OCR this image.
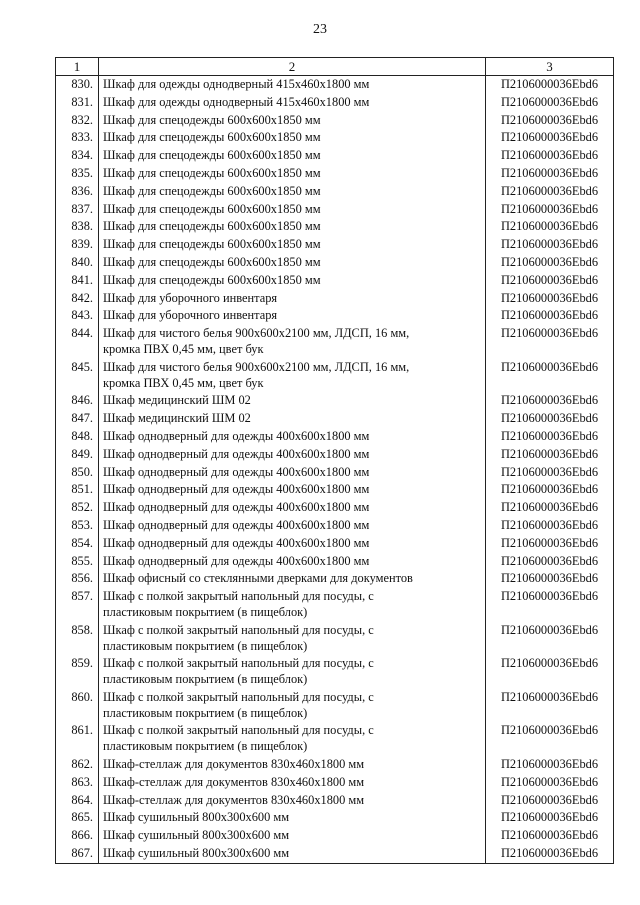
23
1	2	3
830.	Шкаф для одежды однодверный 415x460x1800 мм	П2106000036Ebd6
831.	Шкаф для одежды однодверный 415x460x1800 мм	П2106000036Ebd6
832.	Шкаф для спецодежды 600x600x1850 мм	П2106000036Ebd6
833.	Шкаф для спецодежды 600x600x1850 мм	П2106000036Ebd6
834.	Шкаф для спецодежды 600x600x1850 мм	П2106000036Ebd6
835.	Шкаф для спецодежды 600x600x1850 мм	П2106000036Ebd6
836.	Шкаф для спецодежды 600x600x1850 мм	П2106000036Ebd6
837.	Шкаф для спецодежды 600x600x1850 мм	П2106000036Ebd6
838.	Шкаф для спецодежды 600x600x1850 мм	П2106000036Ebd6
839.	Шкаф для спецодежды 600x600x1850 мм	П2106000036Ebd6
840.	Шкаф для спецодежды 600x600x1850 мм	П2106000036Ebd6
841.	Шкаф для спецодежды 600x600x1850 мм	П2106000036Ebd6
842.	Шкаф для уборочного инвентаря	П2106000036Ebd6
843.	Шкаф для уборочного инвентаря	П2106000036Ebd6
844.	Шкаф для чистого белья 900x600x2100 мм, ЛДСП, 16 мм,
кромка ПВХ 0,45 мм, цвет бук	П2106000036Ebd6
845.	Шкаф для чистого белья 900x600x2100 мм, ЛДСП, 16 мм,
кромка ПВХ 0,45 мм, цвет бук	П2106000036Ebd6
846.	Шкаф медицинский ШМ 02	П2106000036Ebd6
847.	Шкаф медицинский ШМ 02	П2106000036Ebd6
848.	Шкаф однодверный для одежды 400x600x1800 мм	П2106000036Ebd6
849.	Шкаф однодверный для одежды 400x600x1800 мм	П2106000036Ebd6
850.	Шкаф однодверный для одежды 400x600x1800 мм	П2106000036Ebd6
851.	Шкаф однодверный для одежды 400x600x1800 мм	П2106000036Ebd6
852.	Шкаф однодверный для одежды 400x600x1800 мм	П2106000036Ebd6
853.	Шкаф однодверный для одежды 400x600x1800 мм	П2106000036Ebd6
854.	Шкаф однодверный для одежды 400x600x1800 мм	П2106000036Ebd6
855.	Шкаф однодверный для одежды 400x600x1800 мм	П2106000036Ebd6
856.	Шкаф офисный со стеклянными дверками для документов	П2106000036Ebd6
857.	Шкаф с полкой закрытый напольный для посуды, с
пластиковым покрытием (в пищеблок)	П2106000036Ebd6
858.	Шкаф с полкой закрытый напольный для посуды, с
пластиковым покрытием (в пищеблок)	П2106000036Ebd6
859.	Шкаф с полкой закрытый напольный для посуды, с
пластиковым покрытием (в пищеблок)	П2106000036Ebd6
860.	Шкаф с полкой закрытый напольный для посуды, с
пластиковым покрытием (в пищеблок)	П2106000036Ebd6
861.	Шкаф с полкой закрытый напольный для посуды, с
пластиковым покрытием (в пищеблок)	П2106000036Ebd6
862.	Шкаф-стеллаж для документов 830x460x1800 мм	П2106000036Ebd6
863.	Шкаф-стеллаж для документов 830x460x1800 мм	П2106000036Ebd6
864.	Шкаф-стеллаж для документов 830x460x1800 мм	П2106000036Ebd6
865.	Шкаф сушильный 800x300x600 мм	П2106000036Ebd6
866.	Шкаф сушильный 800x300x600 мм	П2106000036Ebd6
867.	Шкаф сушильный 800x300x600 мм	П2106000036Ebd6
